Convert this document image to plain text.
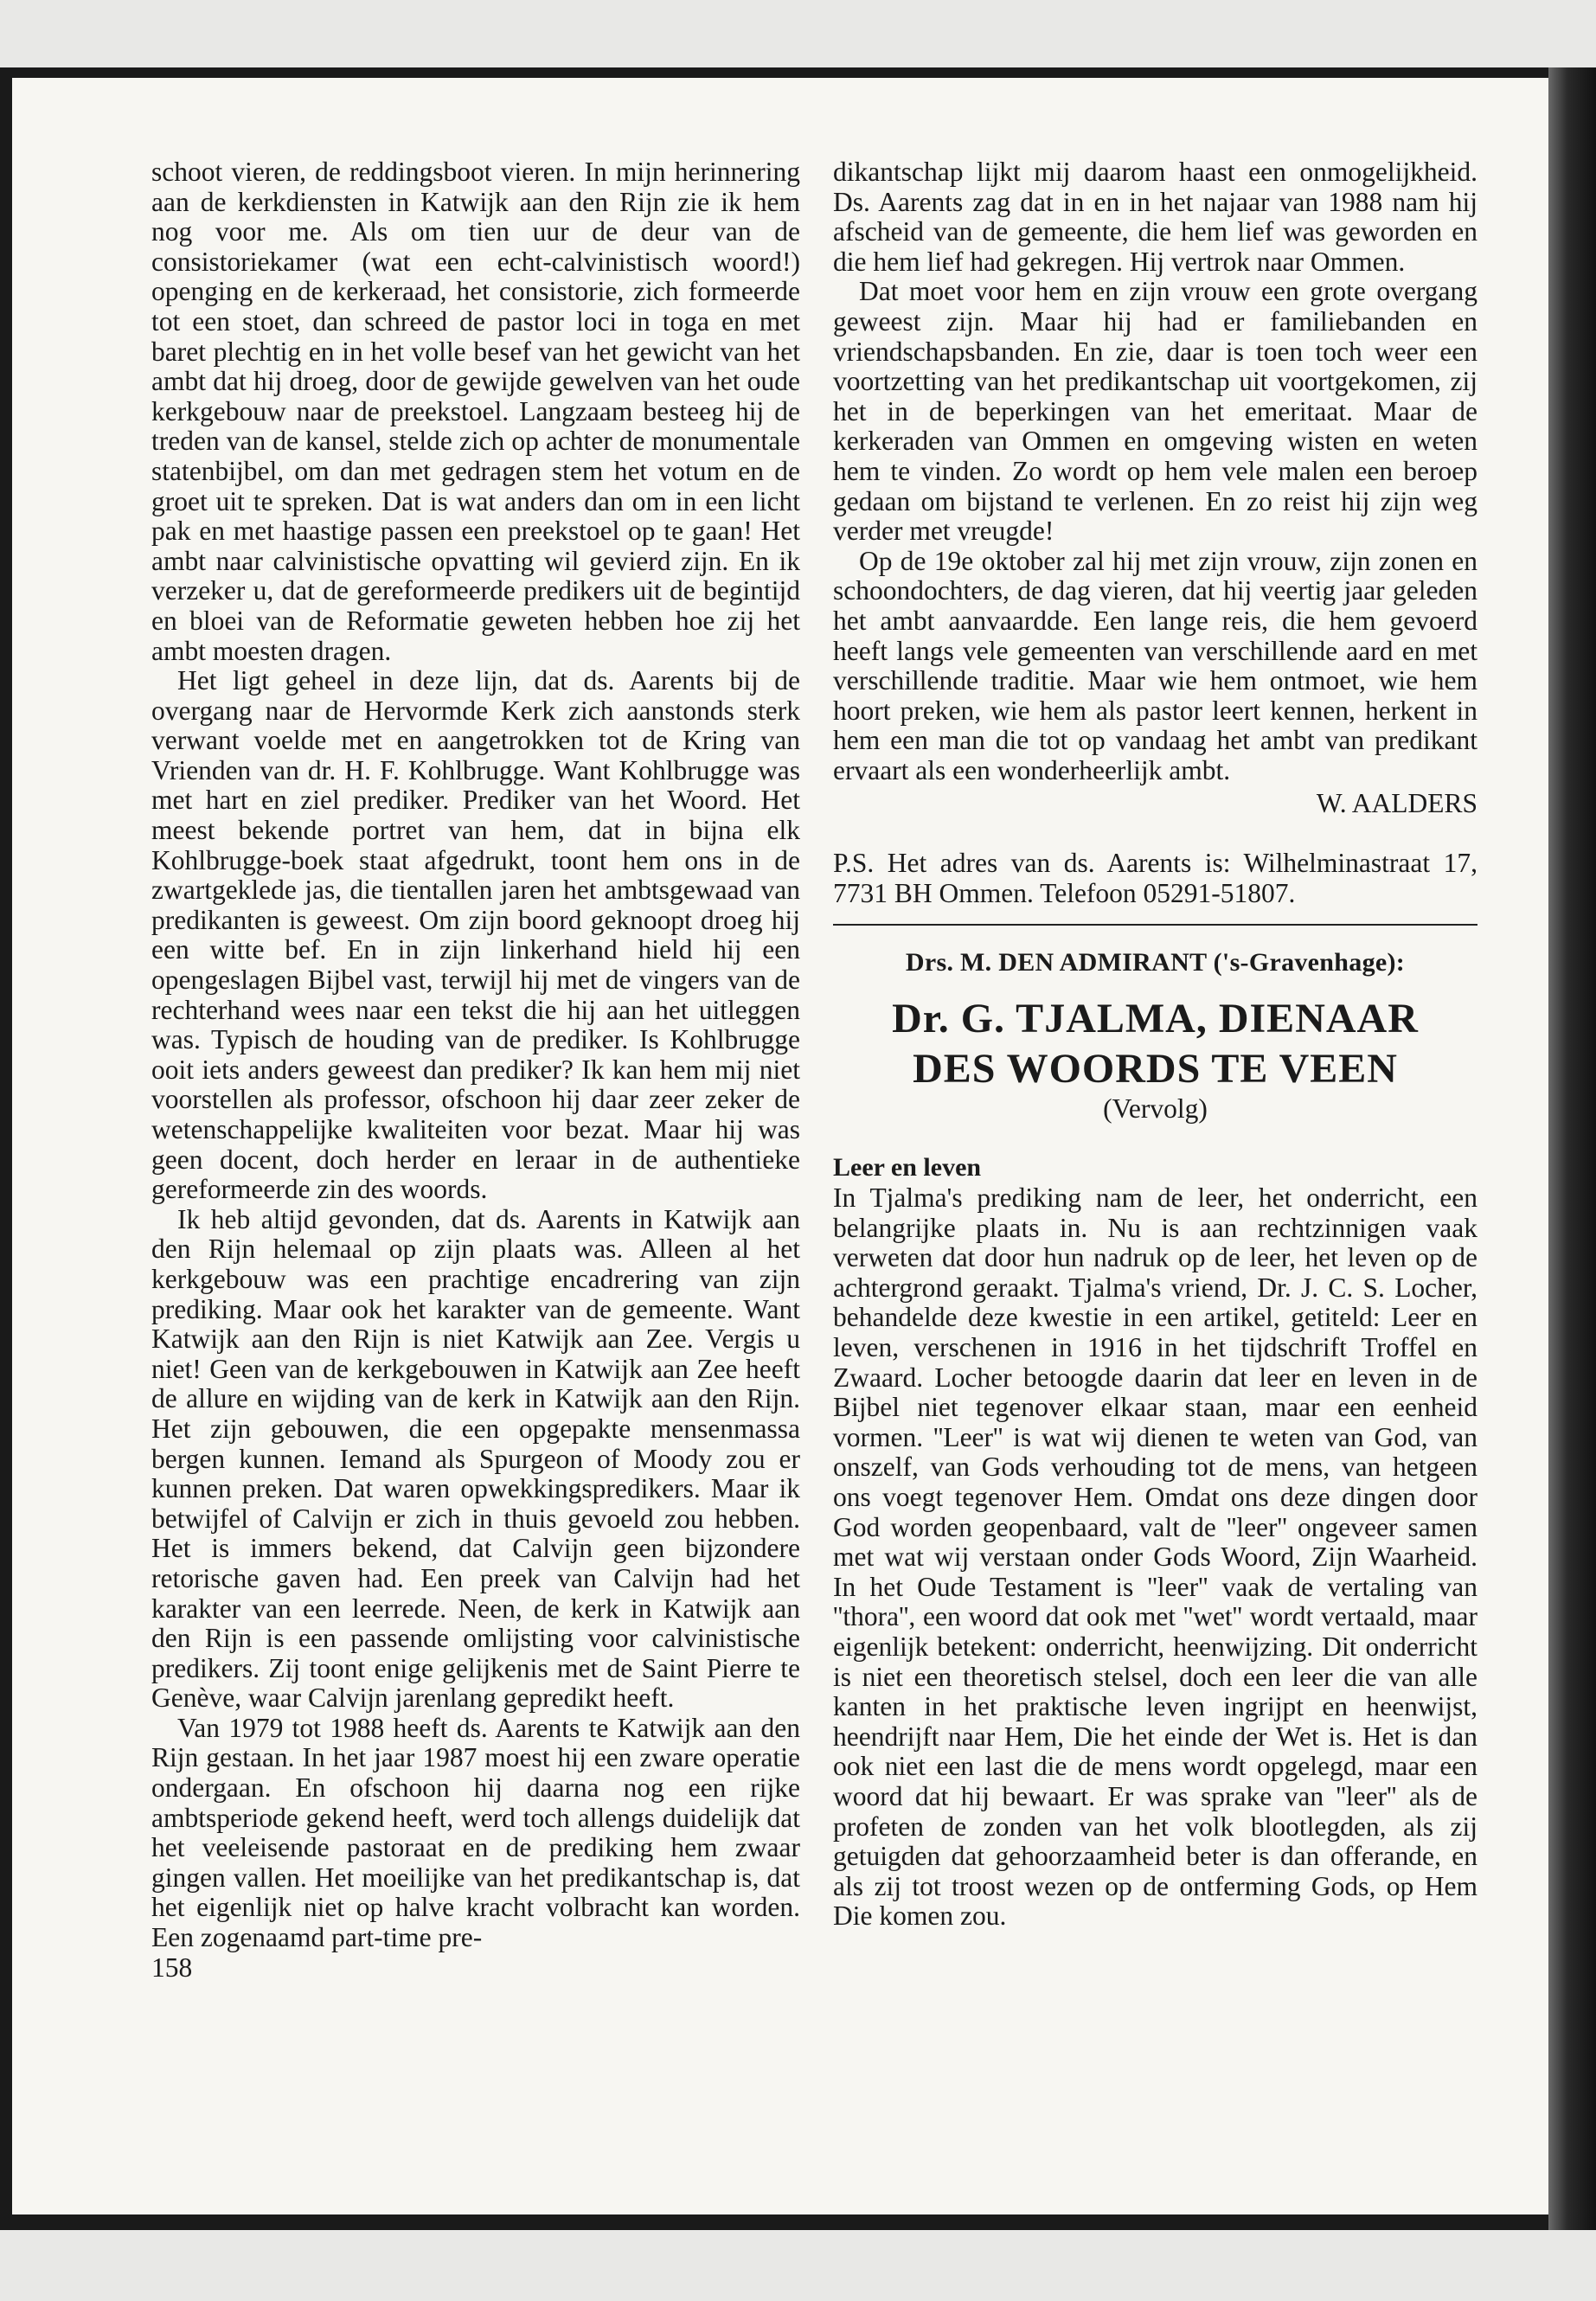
schoot vieren, de reddingsboot vieren. In mijn herinnering aan de kerkdiensten in Katwijk aan den Rijn zie ik hem nog voor me. Als om tien uur de deur van de consistoriekamer (wat een echt-calvinistisch woord!) openging en de kerkeraad, het consistorie, zich formeerde tot een stoet, dan schreed de pastor loci in toga en met baret plechtig en in het volle besef van het gewicht van het ambt dat hij droeg, door de gewijde gewelven van het oude kerkgebouw naar de preekstoel. Langzaam besteeg hij de treden van de kansel, stelde zich op achter de monumentale statenbijbel, om dan met gedragen stem het votum en de groet uit te spreken. Dat is wat anders dan om in een licht pak en met haastige passen een preekstoel op te gaan! Het ambt naar calvinistische opvatting wil gevierd zijn. En ik verzeker u, dat de gereformeerde predikers uit de begintijd en bloei van de Reformatie geweten hebben hoe zij het ambt moesten dragen.

Het ligt geheel in deze lijn, dat ds. Aarents bij de overgang naar de Hervormde Kerk zich aanstonds sterk verwant voelde met en aangetrokken tot de Kring van Vrienden van dr. H. F. Kohlbrugge. Want Kohlbrugge was met hart en ziel prediker. Prediker van het Woord. Het meest bekende portret van hem, dat in bijna elk Kohlbrugge-boek staat afgedrukt, toont hem ons in de zwartgeklede jas, die tientallen jaren het ambtsgewaad van predikanten is geweest. Om zijn boord geknoopt droeg hij een witte bef. En in zijn linkerhand hield hij een opengeslagen Bijbel vast, terwijl hij met de vingers van de rechterhand wees naar een tekst die hij aan het uitleggen was. Typisch de houding van de prediker. Is Kohlbrugge ooit iets anders geweest dan prediker? Ik kan hem mij niet voorstellen als professor, ofschoon hij daar zeer zeker de wetenschappelijke kwaliteiten voor bezat. Maar hij was geen docent, doch herder en leraar in de authentieke gereformeerde zin des woords.

Ik heb altijd gevonden, dat ds. Aarents in Katwijk aan den Rijn helemaal op zijn plaats was. Alleen al het kerkgebouw was een prachtige encadrering van zijn prediking. Maar ook het karakter van de gemeente. Want Katwijk aan den Rijn is niet Katwijk aan Zee. Vergis u niet! Geen van de kerkgebouwen in Katwijk aan Zee heeft de allure en wijding van de kerk in Katwijk aan den Rijn. Het zijn gebouwen, die een opgepakte mensenmassa bergen kunnen. Iemand als Spurgeon of Moody zou er kunnen preken. Dat waren opwekkingspredikers. Maar ik betwijfel of Calvijn er zich in thuis gevoeld zou hebben. Het is immers bekend, dat Calvijn geen bijzondere retorische gaven had. Een preek van Calvijn had het karakter van een leerrede. Neen, de kerk in Katwijk aan den Rijn is een passende omlijsting voor calvinistische predikers. Zij toont enige gelijkenis met de Saint Pierre te Genève, waar Calvijn jarenlang gepredikt heeft.

Van 1979 tot 1988 heeft ds. Aarents te Katwijk aan den Rijn gestaan. In het jaar 1987 moest hij een zware operatie ondergaan. En ofschoon hij daarna nog een rijke ambtsperiode gekend heeft, werd toch allengs duidelijk dat het veeleisende pastoraat en de prediking hem zwaar gingen vallen. Het moeilijke van het predikantschap is, dat het eigenlijk niet op halve kracht volbracht kan worden. Een zogenaamd part-time pre-

158

dikantschap lijkt mij daarom haast een onmogelijkheid. Ds. Aarents zag dat in en in het najaar van 1988 nam hij afscheid van de gemeente, die hem lief was geworden en die hem lief had gekregen. Hij vertrok naar Ommen.

Dat moet voor hem en zijn vrouw een grote overgang geweest zijn. Maar hij had er familiebanden en vriendschapsbanden. En zie, daar is toen toch weer een voortzetting van het predikantschap uit voortgekomen, zij het in de beperkingen van het emeritaat. Maar de kerkeraden van Ommen en omgeving wisten en weten hem te vinden. Zo wordt op hem vele malen een beroep gedaan om bijstand te verlenen. En zo reist hij zijn weg verder met vreugde!

Op de 19e oktober zal hij met zijn vrouw, zijn zonen en schoondochters, de dag vieren, dat hij veertig jaar geleden het ambt aanvaardde. Een lange reis, die hem gevoerd heeft langs vele gemeenten van verschillende aard en met verschillende traditie. Maar wie hem ontmoet, wie hem hoort preken, wie hem als pastor leert kennen, herkent in hem een man die tot op vandaag het ambt van predikant ervaart als een wonderheerlijk ambt.

W. AALDERS

P.S. Het adres van ds. Aarents is: Wilhelminastraat 17, 7731 BH Ommen. Telefoon 05291-51807.

Drs. M. DEN ADMIRANT ('s-Gravenhage):

Dr. G. TJALMA, DIENAAR

DES WOORDS TE VEEN

(Vervolg)

Leer en leven

In Tjalma's prediking nam de leer, het onderricht, een belangrijke plaats in. Nu is aan rechtzinnigen vaak verweten dat door hun nadruk op de leer, het leven op de achtergrond geraakt. Tjalma's vriend, Dr. J. C. S. Locher, behandelde deze kwestie in een artikel, getiteld: Leer en leven, verschenen in 1916 in het tijdschrift Troffel en Zwaard. Locher betoogde daarin dat leer en leven in de Bijbel niet tegenover elkaar staan, maar een eenheid vormen. ''Leer'' is wat wij dienen te weten van God, van onszelf, van Gods verhouding tot de mens, van hetgeen ons voegt tegenover Hem. Omdat ons deze dingen door God worden geopenbaard, valt de ''leer'' ongeveer samen met wat wij verstaan onder Gods Woord, Zijn Waarheid. In het Oude Testament is ''leer'' vaak de vertaling van ''thora'', een woord dat ook met ''wet'' wordt vertaald, maar eigenlijk betekent: onderricht, heenwijzing. Dit onderricht is niet een theoretisch stelsel, doch een leer die van alle kanten in het praktische leven ingrijpt en heenwijst, heendrijft naar Hem, Die het einde der Wet is. Het is dan ook niet een last die de mens wordt opgelegd, maar een woord dat hij bewaart. Er was sprake van ''leer'' als de profeten de zonden van het volk blootlegden, als zij getuigden dat gehoorzaamheid beter is dan offerande, en als zij tot troost wezen op de ontferming Gods, op Hem Die komen zou.
